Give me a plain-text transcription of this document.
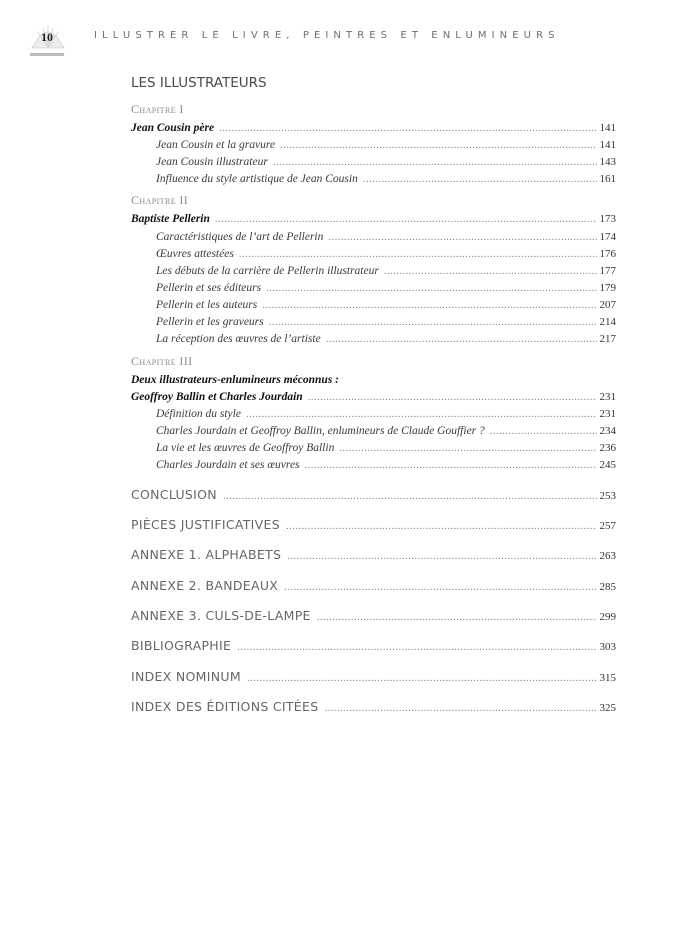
10	ILLUSTRER LE LIVRE, PEINTRES ET ENLUMINEURS
LES ILLUSTRATEURS
Chapitre I
Jean Cousin père . . .	141
Jean Cousin et la gravure . . .	141
Jean Cousin illustrateur . . .	143
Influence du style artistique de Jean Cousin . . .	161
Chapitre II
Baptiste Pellerin . . .	173
Caractéristiques de l’art de Pellerin . . .	174
Œuvres attestées . . .	176
Les débuts de la carrière de Pellerin illustrateur . . .	177
Pellerin et ses éditeurs . . .	179
Pellerin et les auteurs . . .	207
Pellerin et les graveurs . . .	214
La réception des œuvres de l’artiste . . .	217
Chapitre III
Deux illustrateurs-enlumineurs méconnus :
Geoffroy Ballin et Charles Jourdain . . .	231
Définition du style . . .	231
Charles Jourdain et Geoffroy Ballin, enlumineurs de Claude Gouffier ? . . .	234
La vie et les œuvres de Geoffroy Ballin . . .	236
Charles Jourdain et ses œuvres . . .	245
CONCLUSION . . .	253
PIÈCES JUSTIFICATIVES . . .	257
ANNEXE 1. ALPHABETS . . .	263
ANNEXE 2. BANDEAUX . . .	285
ANNEXE 3. CULS-DE-LAMPE . . .	299
BIBLIOGRAPHIE . . .	303
INDEX NOMINUM . . .	315
INDEX DES ÉDITIONS CITÉES . . .	325
